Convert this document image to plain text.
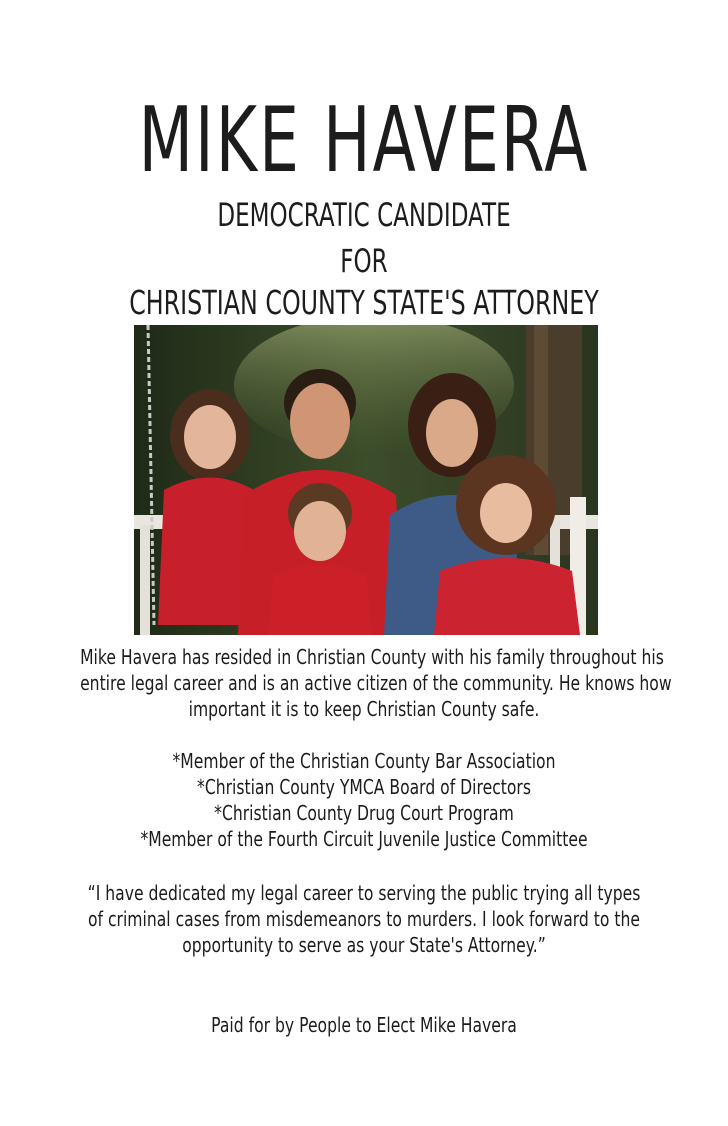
MIKE HAVERA
DEMOCRATIC CANDIDATE
FOR
CHRISTIAN COUNTY STATE'S ATTORNEY
Mike Havera has resided in Christian County with his family throughout his
entire legal career and is an active citizen of the community. He knows how
important it is to keep Christian County safe.
*Member of the Christian County Bar Association
*Christian County YMCA Board of Directors
*Christian County Drug Court Program
*Member of the Fourth Circuit Juvenile Justice Committee
“I have dedicated my legal career to serving the public trying all types
of criminal cases from misdemeanors to murders. I look forward to the
opportunity to serve as your State's Attorney.”
Paid for by People to Elect Mike Havera
